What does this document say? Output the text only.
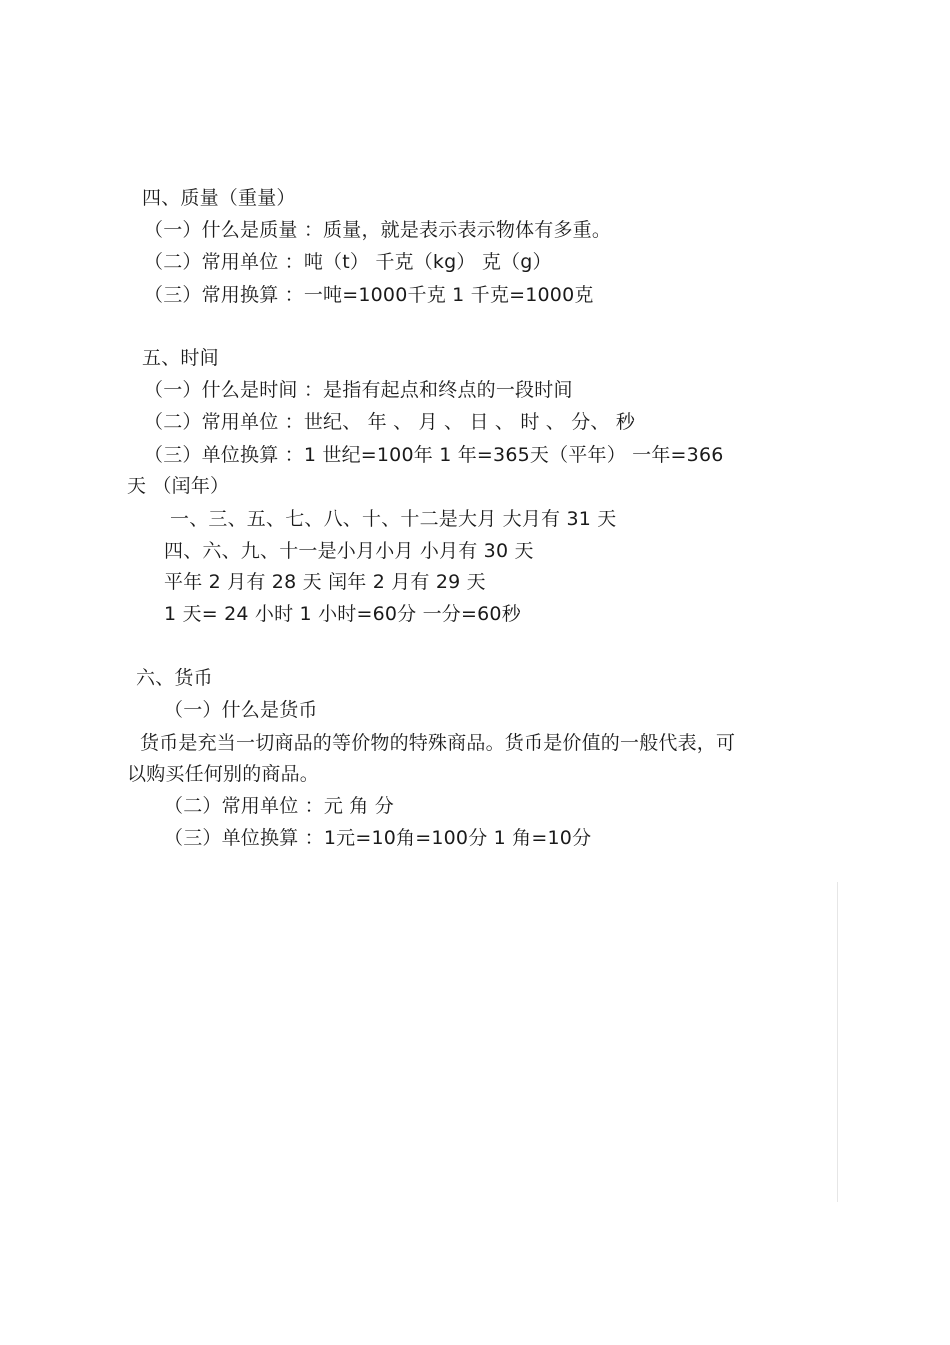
四、质量（重量）
（一）什么是质量 ：质量，就是表示表示物体有多重。
（二）常用单位 ：吨（t） 千克（kg） 克（g）
（三）常用换算 ：一吨=1000千克 1 千克=1000克
五、时间
（一）什么是时间 ：是指有起点和终点的一段时间
（二）常用单位 ：世纪、 年 、 月 、 日 、 时 、 分、 秒
（三）单位换算 ：1 世纪=100年 1 年=365天（平年） 一年=366
天 （闰年）
一、三、五、七、八、十、十二是大月 大月有 31 天
四、六、九、十一是小月小月 小月有 30 天
平年 2 月有 28 天 闰年 2 月有 29 天
1 天= 24 小时 1 小时=60分 一分=60秒
六、货币
（一）什么是货币
货币是充当一切商品的等价物的特殊商品。货币是价值的一般代表，可
以购买任何别的商品。
（二）常用单位 ：元 角 分
（三）单位换算 ：1元=10角=100分 1 角=10分
